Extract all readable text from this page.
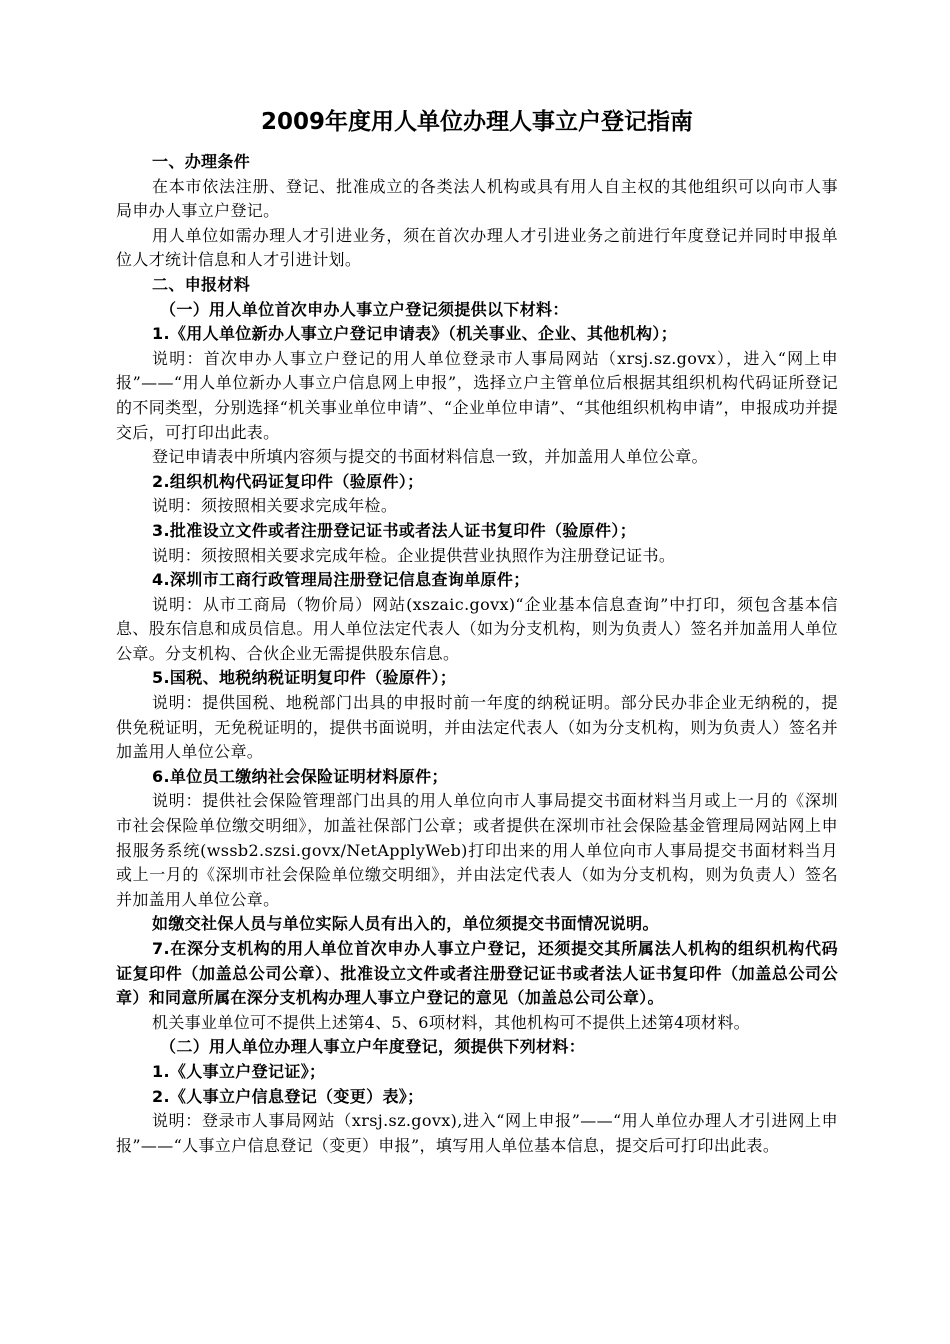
2009年度用人单位办理人事立户登记指南

一、办理条件

在本市依法注册、登记、批准成立的各类法人机构或具有用人自主权的其他组织可以向市人事局申办人事立户登记。

用人单位如需办理人才引进业务，须在首次办理人才引进业务之前进行年度登记并同时申报单位人才统计信息和人才引进计划。

二、申报材料

（一）用人单位首次申办人事立户登记须提供以下材料：

1.《用人单位新办人事立户登记申请表》（机关事业、企业、其他机构）；

说明：首次申办人事立户登记的用人单位登录市人事局网站（xrsj.sz.govx），进入“网上申报”——“用人单位新办人事立户信息网上申报”，选择立户主管单位后根据其组织机构代码证所登记的不同类型，分别选择“机关事业单位申请”、“企业单位申请”、“其他组织机构申请”，申报成功并提交后，可打印出此表。

登记申请表中所填内容须与提交的书面材料信息一致，并加盖用人单位公章。

2.组织机构代码证复印件（验原件）；

说明：须按照相关要求完成年检。

3.批准设立文件或者注册登记证书或者法人证书复印件（验原件）；

说明：须按照相关要求完成年检。企业提供营业执照作为注册登记证书。

4.深圳市工商行政管理局注册登记信息查询单原件；

说明：从市工商局（物价局）网站(xszaic.govx)“企业基本信息查询”中打印，须包含基本信息、股东信息和成员信息。用人单位法定代表人（如为分支机构，则为负责人）签名并加盖用人单位公章。分支机构、合伙企业无需提供股东信息。

5.国税、地税纳税证明复印件（验原件）；

说明：提供国税、地税部门出具的申报时前一年度的纳税证明。部分民办非企业无纳税的，提供免税证明，无免税证明的，提供书面说明，并由法定代表人（如为分支机构，则为负责人）签名并加盖用人单位公章。

6.单位员工缴纳社会保险证明材料原件；

说明：提供社会保险管理部门出具的用人单位向市人事局提交书面材料当月或上一月的《深圳市社会保险单位缴交明细》，加盖社保部门公章；或者提供在深圳市社会保险基金管理局网站网上申报服务系统(wssb2.szsi.govx/NetApplyWeb)打印出来的用人单位向市人事局提交书面材料当月或上一月的《深圳市社会保险单位缴交明细》，并由法定代表人（如为分支机构，则为负责人）签名并加盖用人单位公章。

如缴交社保人员与单位实际人员有出入的，单位须提交书面情况说明。

7.在深分支机构的用人单位首次申办人事立户登记，还须提交其所属法人机构的组织机构代码证复印件（加盖总公司公章）、批准设立文件或者注册登记证书或者法人证书复印件（加盖总公司公章）和同意所属在深分支机构办理人事立户登记的意见（加盖总公司公章）。

机关事业单位可不提供上述第4、5、6项材料，其他机构可不提供上述第4项材料。

（二）用人单位办理人事立户年度登记，须提供下列材料：

1.《人事立户登记证》；

2.《人事立户信息登记（变更）表》；

说明：登录市人事局网站（xrsj.sz.govx),进入“网上申报”——“用人单位办理人才引进网上申报”——“人事立户信息登记（变更）申报”，填写用人单位基本信息，提交后可打印出此表。
